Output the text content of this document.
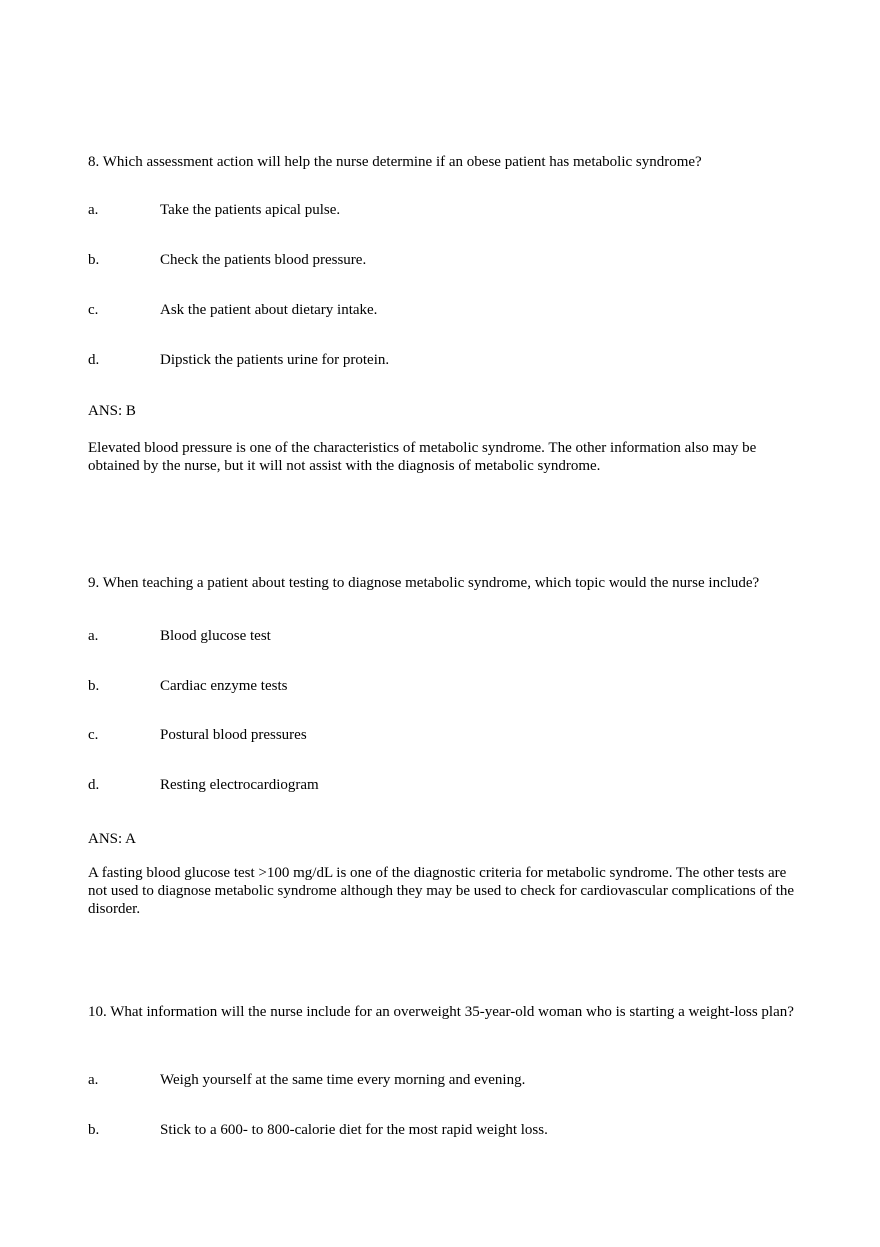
8. Which assessment action will help the nurse determine if an obese patient has metabolic syndrome?

a.	Take the patients apical pulse.
b.	Check the patients blood pressure.
c.	Ask the patient about dietary intake.
d.	Dipstick the patients urine for protein.
ANS: B

Elevated blood pressure is one of the characteristics of metabolic syndrome. The other information also may be obtained by the nurse, but it will not assist with the diagnosis of metabolic syndrome.

9. When teaching a patient about testing to diagnose metabolic syndrome, which topic would the nurse include?

a.	Blood glucose test
b.	Cardiac enzyme tests
c.	Postural blood pressures
d.	Resting electrocardiogram
ANS: A

A fasting blood glucose test >100 mg/dL is one of the diagnostic criteria for metabolic syndrome. The other tests are not used to diagnose metabolic syndrome although they may be used to check for cardiovascular complications of the disorder.

10. What information will the nurse include for an overweight 35-year-old woman who is starting a weight-loss plan?

a.	Weigh yourself at the same time every morning and evening.
b.	Stick to a 600- to 800-calorie diet for the most rapid weight loss.
